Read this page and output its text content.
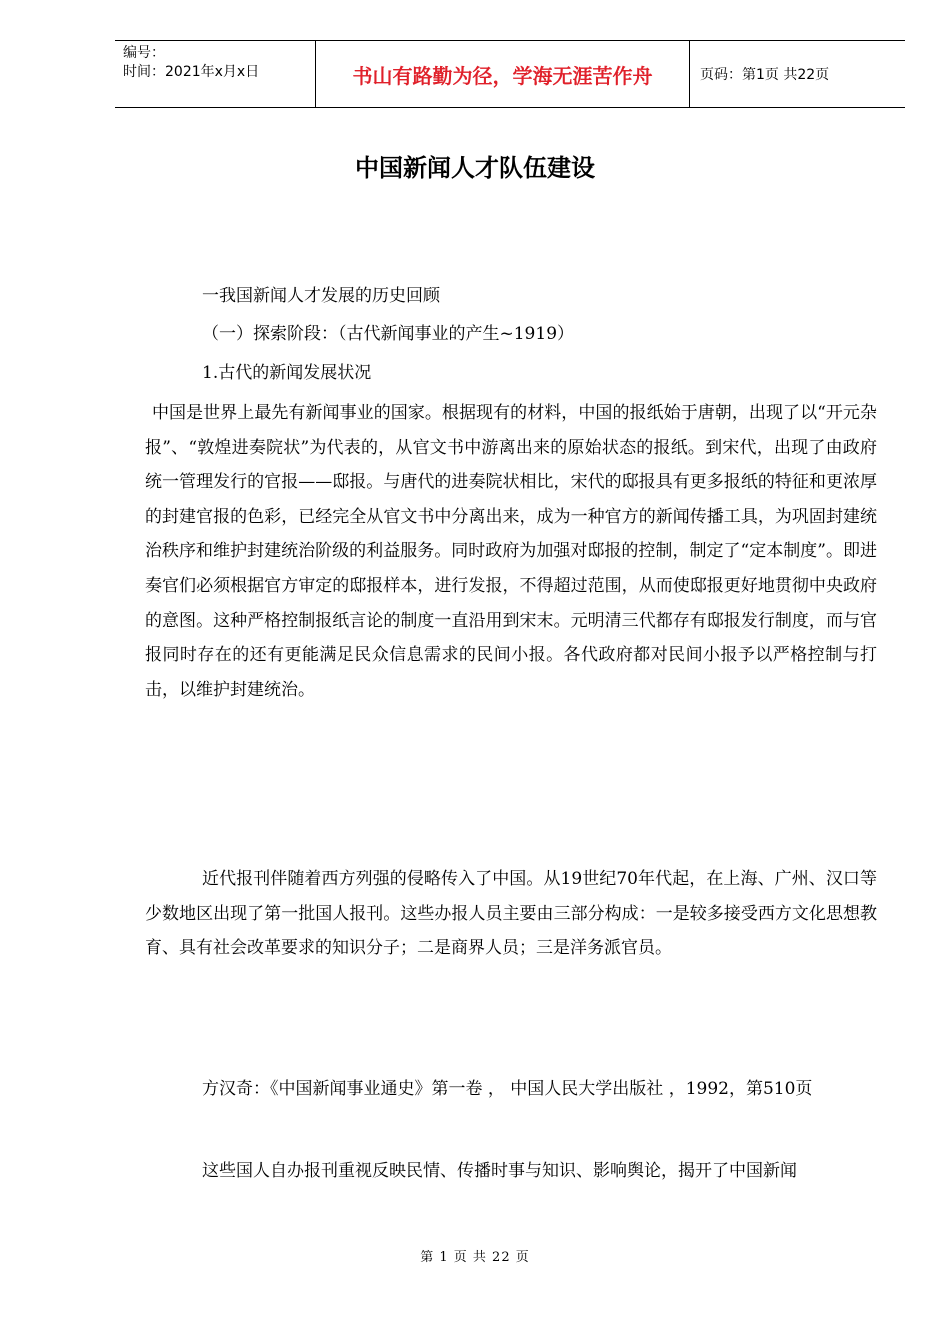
编号：
时间：2021年x月x日	书山有路勤为径，学海无涯苦作舟	页码：第1页 共22页
中国新闻人才队伍建设
一我国新闻人才发展的历史回顾
（一）探索阶段：（古代新闻事业的产生~1919）
1.古代的新闻发展状况
中国是世界上最先有新闻事业的国家。根据现有的材料，中国的报纸始于唐朝，出现了以“开元杂报”、“敦煌进奏院状”为代表的，从官文书中游离出来的原始状态的报纸。到宋代，出现了由政府统一管理发行的官报——邸报。与唐代的进奏院状相比，宋代的邸报具有更多报纸的特征和更浓厚的封建官报的色彩，已经完全从官文书中分离出来，成为一种官方的新闻传播工具，为巩固封建统治秩序和维护封建统治阶级的利益服务。同时政府为加强对邸报的控制，制定了“定本制度”。即进奏官们必须根据官方审定的邸报样本，进行发报，不得超过范围，从而使邸报更好地贯彻中央政府的意图。这种严格控制报纸言论的制度一直沿用到宋末。元明清三代都存有邸报发行制度，而与官报同时存在的还有更能满足民众信息需求的民间小报。各代政府都对民间小报予以严格控制与打击，以维护封建统治。
近代报刊伴随着西方列强的侵略传入了中国。从19世纪70年代起，在上海、广州、汉口等少数地区出现了第一批国人报刊。这些办报人员主要由三部分构成：一是较多接受西方文化思想教育、具有社会改革要求的知识分子；二是商界人员；三是洋务派官员。
方汉奇：《中国新闻事业通史》第一卷 ， 中国人民大学出版社 ，1992，第510页
这些国人自办报刊重视反映民情、传播时事与知识、影响舆论，揭开了中国新闻
第 1 页 共 22 页
